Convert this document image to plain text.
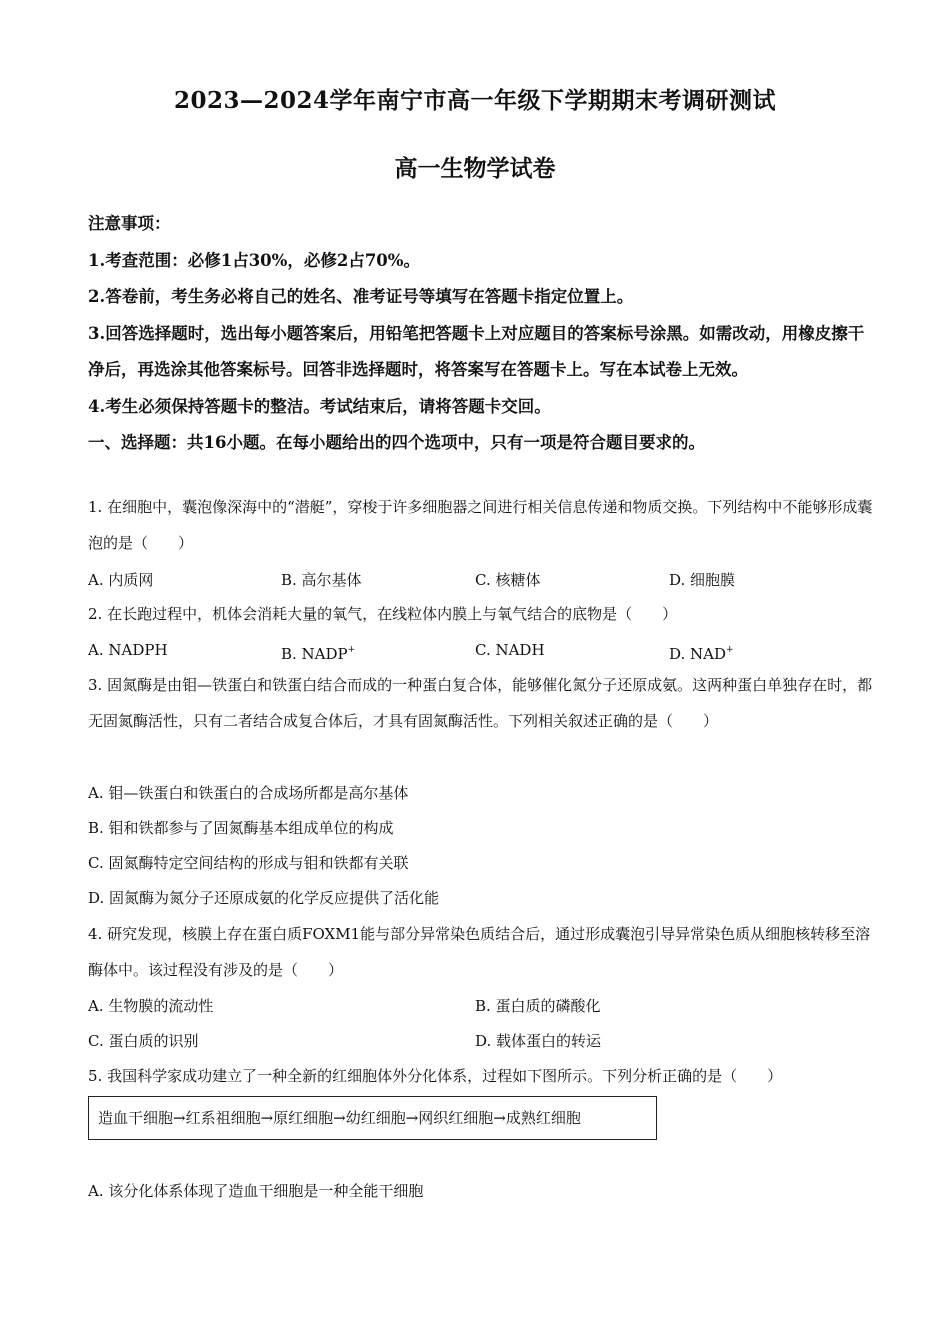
2023—2024学年南宁市高一年级下学期期末考调研测试
高一生物学试卷

注意事项：

1.考查范围：必修1占30%，必修2占70%。

2.答卷前，考生务必将自己的姓名、准考证号等填写在答题卡指定位置上。

3.回答选择题时，选出每小题答案后，用铅笔把答题卡上对应题目的答案标号涂黑。如需改动，用橡皮擦干净后，再选涂其他答案标号。回答非选择题时，将答案写在答题卡上。写在本试卷上无效。

4.考生必须保持答题卡的整洁。考试结束后，请将答题卡交回。

一、选择题：共16小题。在每小题给出的四个选项中，只有一项是符合题目要求的。

1. 在细胞中，囊泡像深海中的“潜艇”，穿梭于许多细胞器之间进行相关信息传递和物质交换。下列结构中不能够形成囊泡的是（　　）

A. 内质网	B. 高尔基体	C. 核糖体	D. 细胞膜

2. 在长跑过程中，机体会消耗大量的氧气，在线粒体内膜上与氧气结合的底物是（　　）

A. NADPH	B. NADP+	C. NADH	D. NAD+

3. 固氮酶是由钼—铁蛋白和铁蛋白结合而成的一种蛋白复合体，能够催化氮分子还原成氨。这两种蛋白单独存在时，都无固氮酶活性，只有二者结合成复合体后，才具有固氮酶活性。下列相关叙述正确的是（　　）

A. 钼—铁蛋白和铁蛋白的合成场所都是高尔基体
B. 钼和铁都参与了固氮酶基本组成单位的构成
C. 固氮酶特定空间结构的形成与钼和铁都有关联
D. 固氮酶为氮分子还原成氨的化学反应提供了活化能

4. 研究发现，核膜上存在蛋白质FOXM1能与部分异常染色质结合后，通过形成囊泡引导异常染色质从细胞核转移至溶酶体中。该过程没有涉及的是（　　）

A. 生物膜的流动性	B. 蛋白质的磷酸化
C. 蛋白质的识别	D. 载体蛋白的转运

5. 我国科学家成功建立了一种全新的红细胞体外分化体系，过程如下图所示。下列分析正确的是（　　）

造血干细胞→红系祖细胞→原红细胞→幼红细胞→网织红细胞→成熟红细胞
A. 该分化体系体现了造血干细胞是一种全能干细胞
